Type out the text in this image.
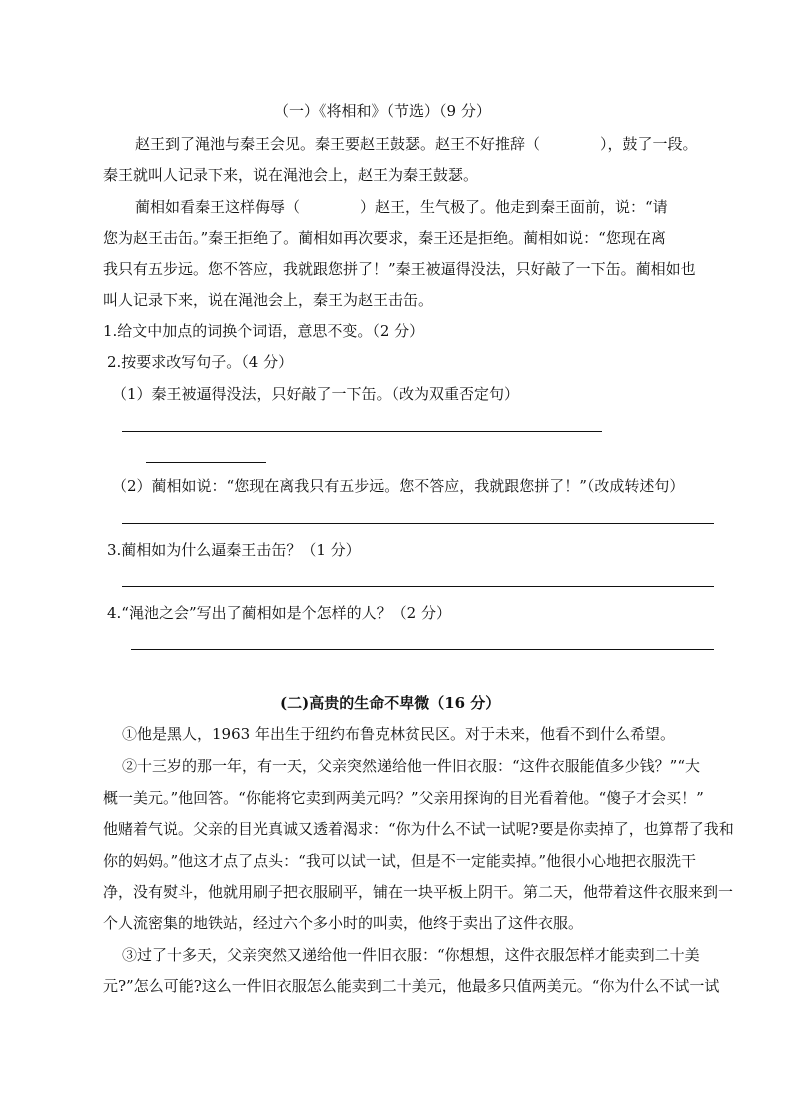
（一）《将相和》（节选）（9 分）
赵王到了渑池与秦王会见。秦王要赵王鼓瑟。赵王不好推辞（　　　　），鼓了一段。
秦王就叫人记录下来，说在渑池会上，赵王为秦王鼓瑟。
蔺相如看秦王这样侮辱（　　　　）赵王，生气极了。他走到秦王面前，说：“请
您为赵王击缶。”秦王拒绝了。蔺相如再次要求，秦王还是拒绝。蔺相如说：“您现在离
我只有五步远。您不答应，我就跟您拼了！”秦王被逼得没法，只好敲了一下缶。蔺相如也
叫人记录下来，说在渑池会上，秦王为赵王击缶。
1.给文中加点的词换个词语，意思不变。（2 分）
2.按要求改写句子。（4 分）
（1）秦王被逼得没法，只好敲了一下缶。（改为双重否定句）
（2）蔺相如说：“您现在离我只有五步远。您不答应，我就跟您拼了！”（改成转述句）
3.蔺相如为什么逼秦王击缶？（1 分）
4.“渑池之会”写出了蔺相如是个怎样的人？（2 分）
(二)高贵的生命不卑微（16 分）
①他是黑人，1963 年出生于纽约布鲁克林贫民区。对于未来，他看不到什么希望。
②十三岁的那一年，有一天，父亲突然递给他一件旧衣服：“这件衣服能值多少钱？”“大
概一美元。”他回答。“你能将它卖到两美元吗？”父亲用探询的目光看着他。“傻子才会买！”
他赌着气说。父亲的目光真诚又透着渴求：“你为什么不试一试呢?要是你卖掉了，也算帮了我和
你的妈妈。”他这才点了点头：“我可以试一试，但是不一定能卖掉。”他很小心地把衣服洗干
净，没有熨斗，他就用刷子把衣服刷平，铺在一块平板上阴干。第二天，他带着这件衣服来到一
个人流密集的地铁站，经过六个多小时的叫卖，他终于卖出了这件衣服。
③过了十多天，父亲突然又递给他一件旧衣服：“你想想，这件衣服怎样才能卖到二十美
元?”怎么可能?这么一件旧衣服怎么能卖到二十美元，他最多只值两美元。“你为什么不试一试
